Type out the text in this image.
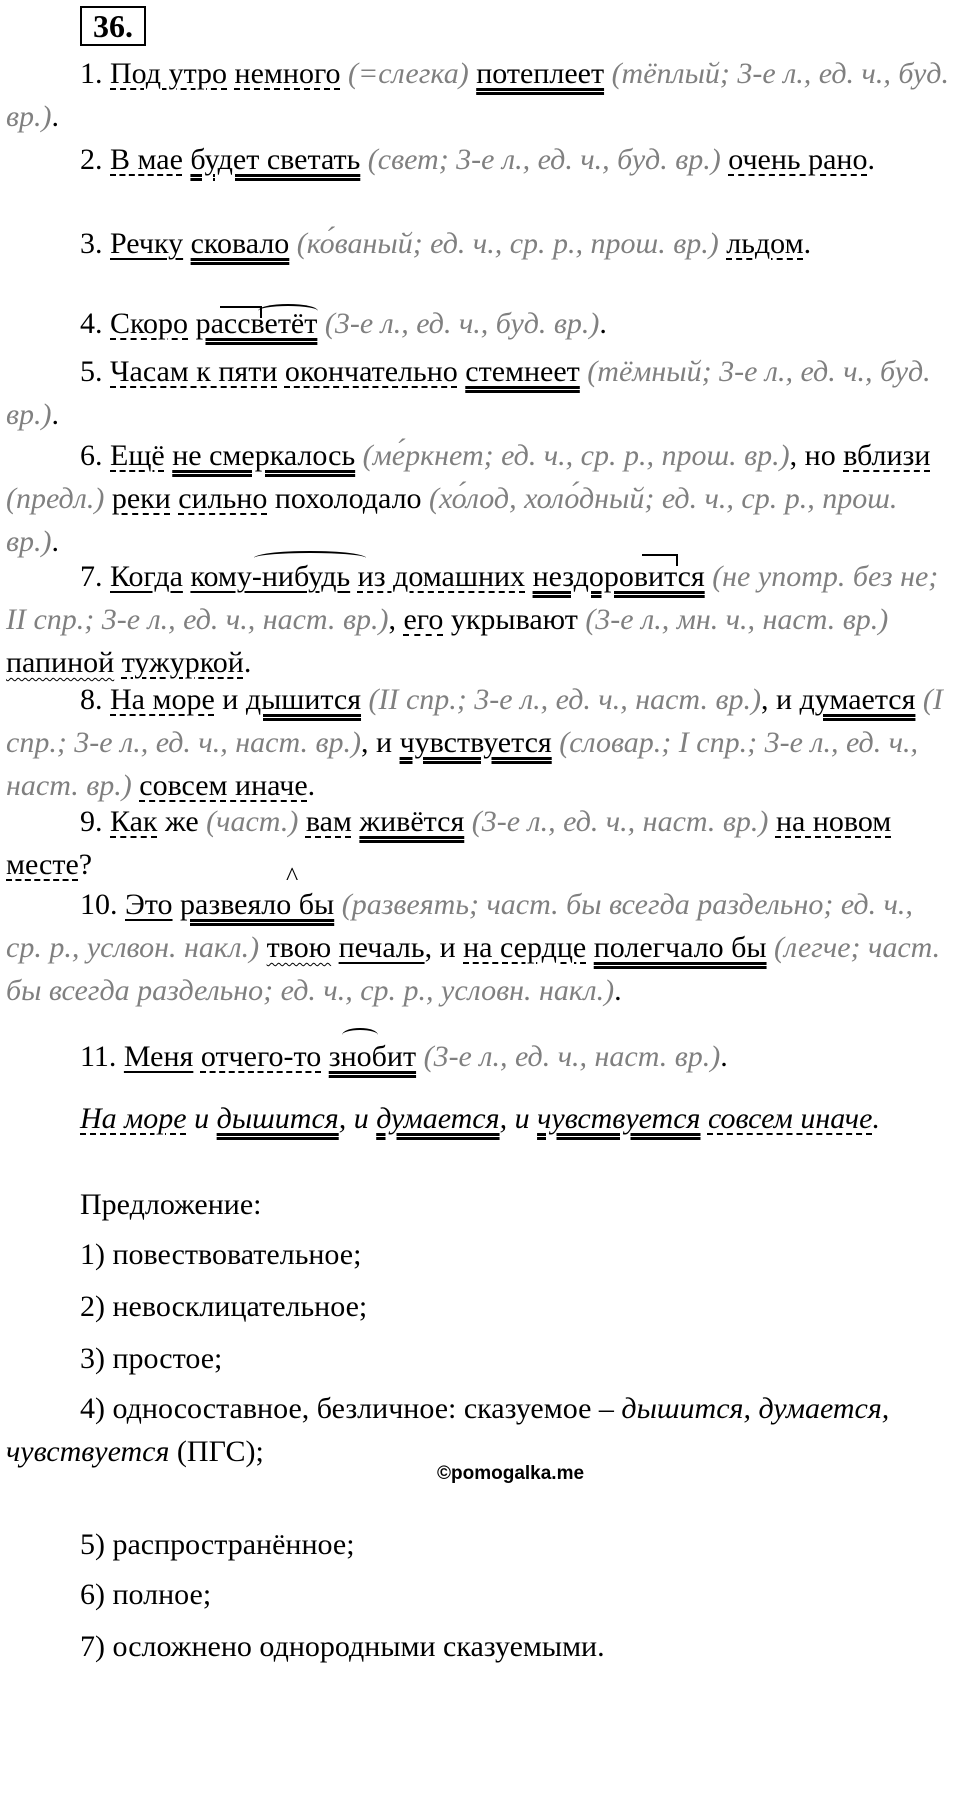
36.
1. Под утро немного (=слегка) потеплеет (тёплый; 3-е л., ед. ч., буд. вр.).
2. В мае будет светать (свет; 3-е л., ед. ч., буд. вр.) очень рано.
3. Речку сковало (ко́ваный; ед. ч., ср. р., прош. вр.) льдом.
4. Скоро рассветёт (3-е л., ед. ч., буд. вр.).
5. Часам к пяти окончательно стемнеет (тёмный; 3-е л., ед. ч., буд. вр.).
6. Ещё не смеркалось (ме́ркнет; ед. ч., ср. р., прош. вр.), но вблизи (предл.) реки сильно похолодало (хо́лод, холо́дный; ед. ч., ср. р., прош. вр.).
7. Когда кому-нибудь из домашних нездоровится (не употр. без не; II спр.; 3-е л., ед. ч., наст. вр.), его укрывают (3-е л., мн. ч., наст. вр.) папиной тужуркой.
8. На море и дышится (II спр.; 3-е л., ед. ч., наст. вр.), и думается (I спр.; 3-е л., ед. ч., наст. вр.), и чувствуется (словар.; I спр.; 3-е л., ед. ч., наст. вр.) совсем иначе.
9. Как же (част.) вам живётся (3-е л., ед. ч., наст. вр.) на новом месте?
10. Это развеяло бы (развеять; част. бы всегда раздельно; ед. ч., ср. р., услвон. накл.) твою печаль, и на сердце полегчало бы (легче; част. бы всегда раздельно; ед. ч., ср. р., условн. накл.).
^
11. Меня отчего-то знобит (3-е л., ед. ч., наст. вр.).
На море и дышится, и думается, и чувствуется совсем иначе.
Предложение:
1) повествовательное;
2) невосклицательное;
3) простое;
4) односоставное, безличное: сказуемое – дышится, думается, чувствуется (ПГС);
5) распространённое;
6) полное;
7) осложнено однородными сказуемыми.
©pomogalka.me
